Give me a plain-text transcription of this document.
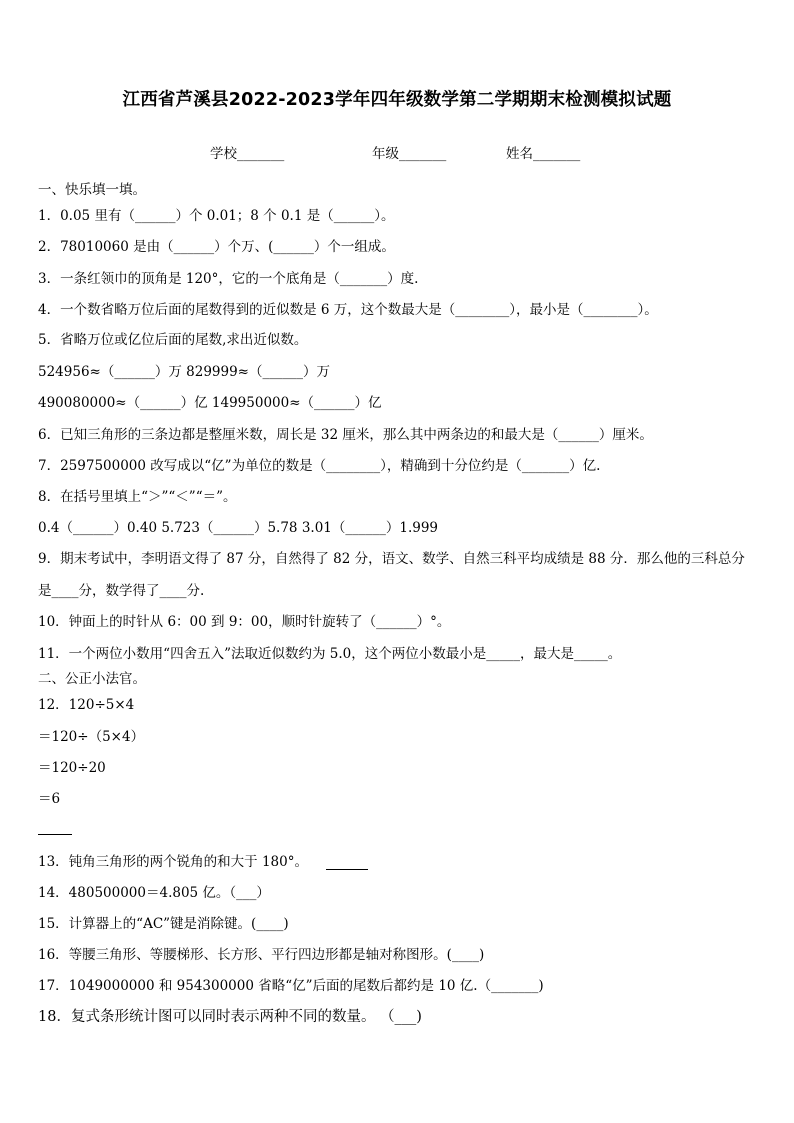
江西省芦溪县2022-2023学年四年级数学第二学期期末检测模拟试题
学校_______	年级_______	姓名_______
一、快乐填一填。
1．0.05 里有（______）个 0.01；8 个 0.1 是（______）。
2．78010060 是由（______）个万、(______）个一组成。
3．一条红领巾的顶角是 120°，它的一个底角是（_______）度.
4．一个数省略万位后面的尾数得到的近似数是 6 万，这个数最大是（________），最小是（________）。
5．省略万位或亿位后面的尾数,求出近似数。
524956≈（______）万 829999≈（______）万
490080000≈（______）亿 149950000≈（______）亿
6．已知三角形的三条边都是整厘米数，周长是 32 厘米，那么其中两条边的和最大是（______）厘米。
7．2597500000 改写成以“亿”为单位的数是（________），精确到十分位约是（_______）亿.
8．在括号里填上“＞”“＜”“＝”。
0.4（______）0.40 5.723（______）5.78 3.01（______）1.999
9．期末考试中，李明语文得了 87 分，自然得了 82 分，语文、数学、自然三科平均成绩是 88 分．那么他的三科总分
是____分，数学得了____分.
10．钟面上的时针从 6：00 到 9：00，顺时针旋转了（______）°。
11．一个两位小数用“四舍五入”法取近似数约为 5.0，这个两位小数最小是_____，最大是_____。
二、公正小法官。
12．120÷5×4
＝120÷（5×4）
＝120÷20
＝6
13．钝角三角形的两个锐角的和大于 180°。
14．480500000＝4.805 亿。（___）
15．计算器上的“AC”键是消除键。(____)
16．等腰三角形、等腰梯形、长方形、平行四边形都是轴对称图形。(____)
17．1049000000 和 954300000 省略“亿”后面的尾数后都约是 10 亿.（_______)
18．复式条形统计图可以同时表示两种不同的数量。 （___)
